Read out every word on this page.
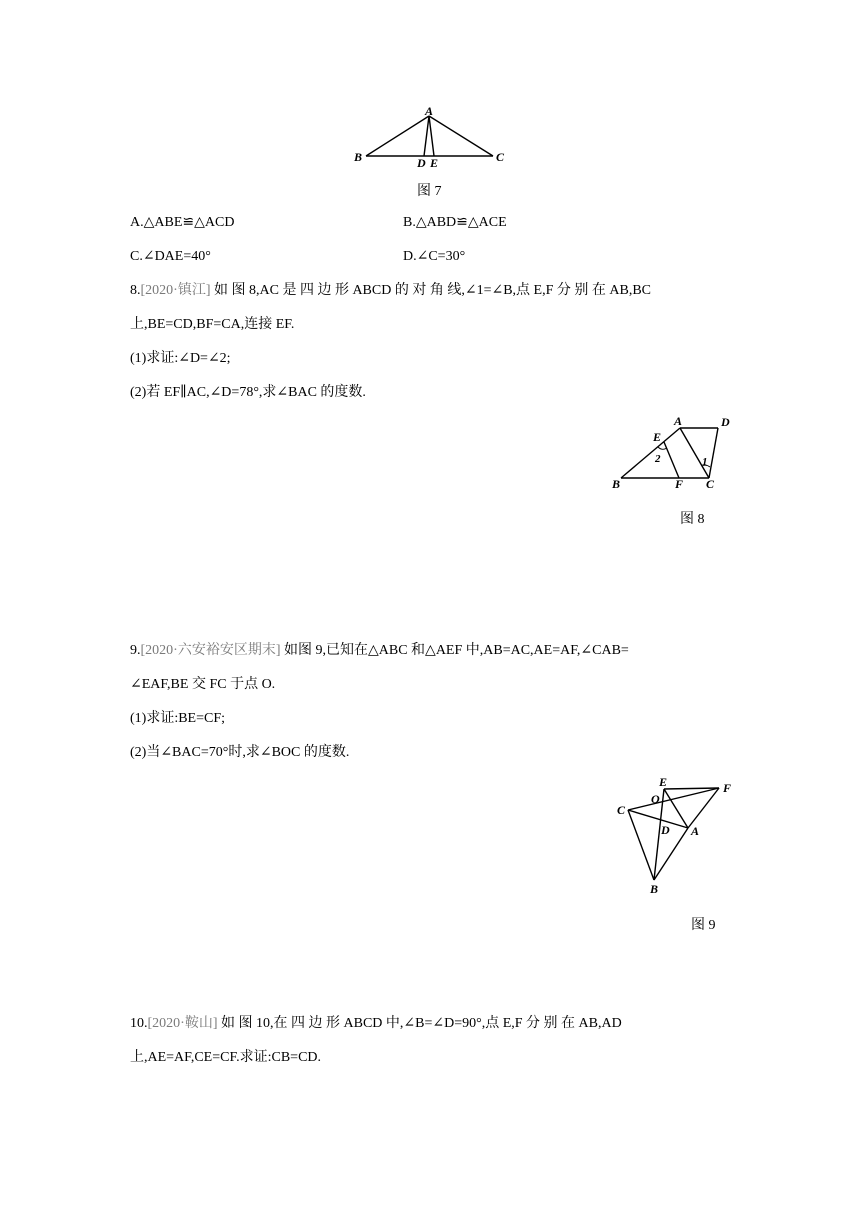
A
B	C
D E
图 7
A.△ABE≌△ACD	B.△ABD≌△ACE
C.∠DAE=40°	D.∠C=30°
8.[2020·镇江] 如 图 8,AC 是 四 边 形 ABCD 的 对 角 线,∠1=∠B,点 E,F 分 别 在 AB,BC
上,BE=CD,BF=CA,连接 EF.
(1)求证:∠D=∠2;
(2)若 EF∥AC,∠D=78°,求∠BAC 的度数.
A	D
E
2	1
B	F C
图 8
9.[2020·六安裕安区期末] 如图 9,已知在△ABC 和△AEF 中,AB=AC,AE=AF,∠CAB=
∠EAF,BE 交 FC 于点 O.
(1)求证:BE=CF;
(2)当∠BAC=70°时,求∠BOC 的度数.
E	F
O
C
D A
B
图 9
10.[2020·鞍山] 如 图 10,在 四 边 形 ABCD 中,∠B=∠D=90°,点 E,F 分 别 在 AB,AD
上,AE=AF,CE=CF.求证:CB=CD.
